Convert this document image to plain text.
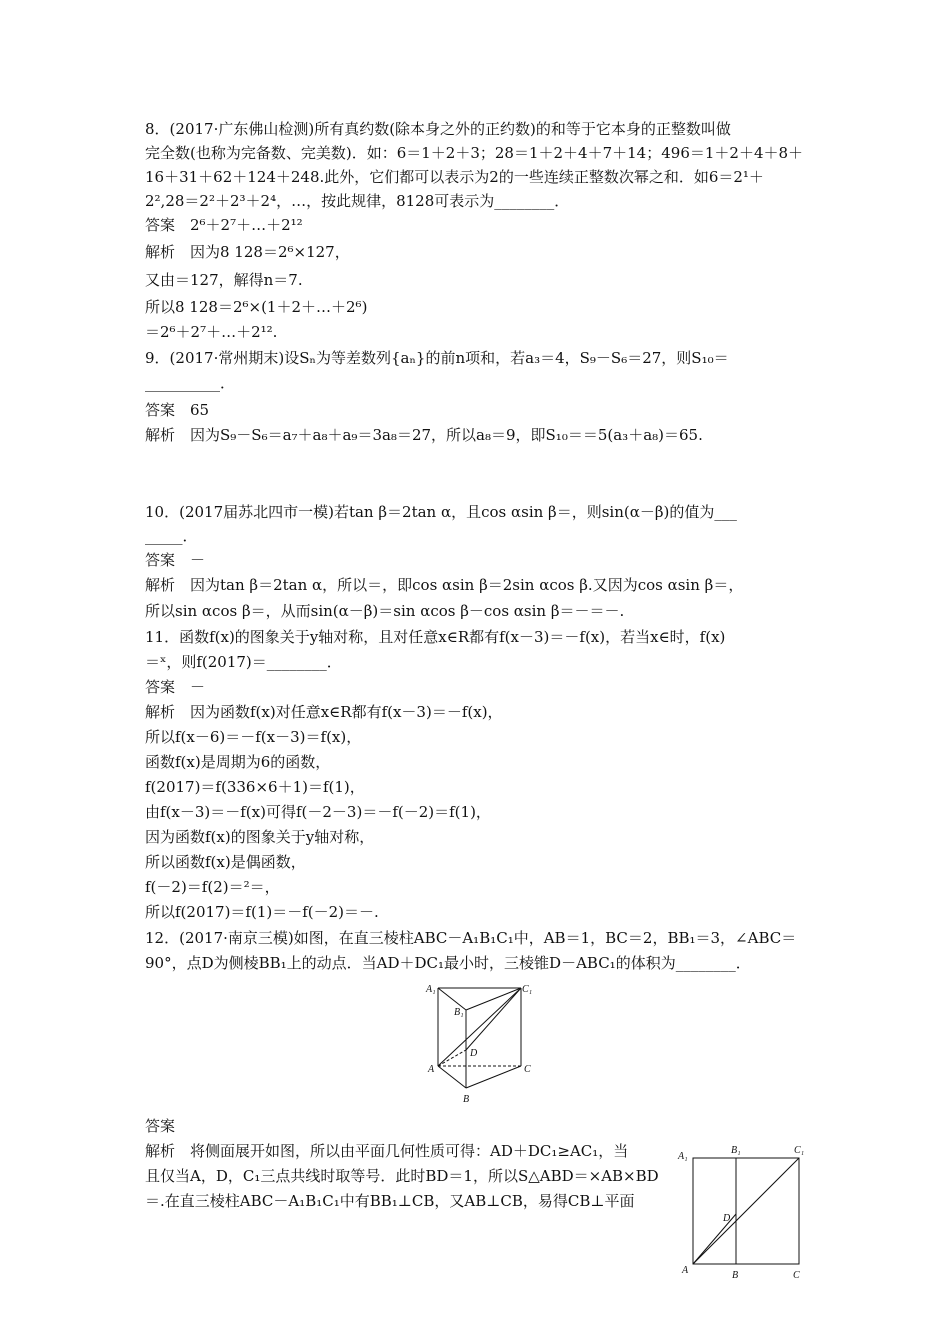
8．(2017·广东佛山检测)所有真约数(除本身之外的正约数)的和等于它本身的正整数叫做
完全数(也称为完备数、完美数)．如：6＝1＋2＋3；28＝1＋2＋4＋7＋14；496＝1＋2＋4＋8＋
16＋31＋62＋124＋248.此外，它们都可以表示为2的一些连续正整数次幂之和．如6＝2¹＋
2²,28＝2²＋2³＋2⁴，…，按此规律，8128可表示为________．
答案　2⁶＋2⁷＋…＋2¹²
解析　因为8 128＝2⁶×127，
又由＝127，解得n＝7.
所以8 128＝2⁶×(1＋2＋…＋2⁶)
＝2⁶＋2⁷＋…＋2¹².
9．(2017·常州期末)设Sₙ为等差数列{aₙ}的前n项和，若a₃＝4，S₉－S₆＝27，则S₁₀＝
__________．
答案　65
解析　因为S₉－S₆＝a₇＋a₈＋a₉＝3a₈＝27，所以a₈＝9，即S₁₀＝＝5(a₃＋a₈)＝65.
10．(2017届苏北四市一模)若tan β＝2tan α，且cos αsin β＝，则sin(α－β)的值为___
_____．
答案　－
解析　因为tan β＝2tan α，所以＝，即cos αsin β＝2sin αcos β.又因为cos αsin β＝，
所以sin αcos β＝，从而sin(α－β)＝sin αcos β－cos αsin β＝－＝－.
11．函数f(x)的图象关于y轴对称，且对任意x∈R都有f(x－3)＝－f(x)，若当x∈时，f(x)
＝ˣ，则f(2017)＝________．
答案　－
解析　因为函数f(x)对任意x∈R都有f(x－3)＝－f(x)，
所以f(x－6)＝－f(x－3)＝f(x)，
函数f(x)是周期为6的函数，
f(2017)＝f(336×6＋1)＝f(1)，
由f(x－3)＝－f(x)可得f(－2－3)＝－f(－2)＝f(1)，
因为函数f(x)的图象关于y轴对称，
所以函数f(x)是偶函数，
f(－2)＝f(2)＝²＝，
所以f(2017)＝f(1)＝－f(－2)＝－.
12．(2017·南京三模)如图，在直三棱柱ABC－A₁B₁C₁中，AB＝1，BC＝2，BB₁＝3，∠ABC＝
90°，点D为侧棱BB₁上的动点．当AD＋DC₁最小时，三棱锥D－ABC₁的体积为________．
答案
解析　将侧面展开如图，所以由平面几何性质可得：AD＋DC₁≥AC₁，当
且仅当A，D，C₁三点共线时取等号．此时BD＝1，所以S△ABD＝×AB×BD
＝.在直三棱柱ABC－A₁B₁C₁中有BB₁⊥CB，又AB⊥CB，易得CB⊥平面
A₁	C₁
B₁
D
A	C
B
A₁
B₁	C₁
D
A	B	C
